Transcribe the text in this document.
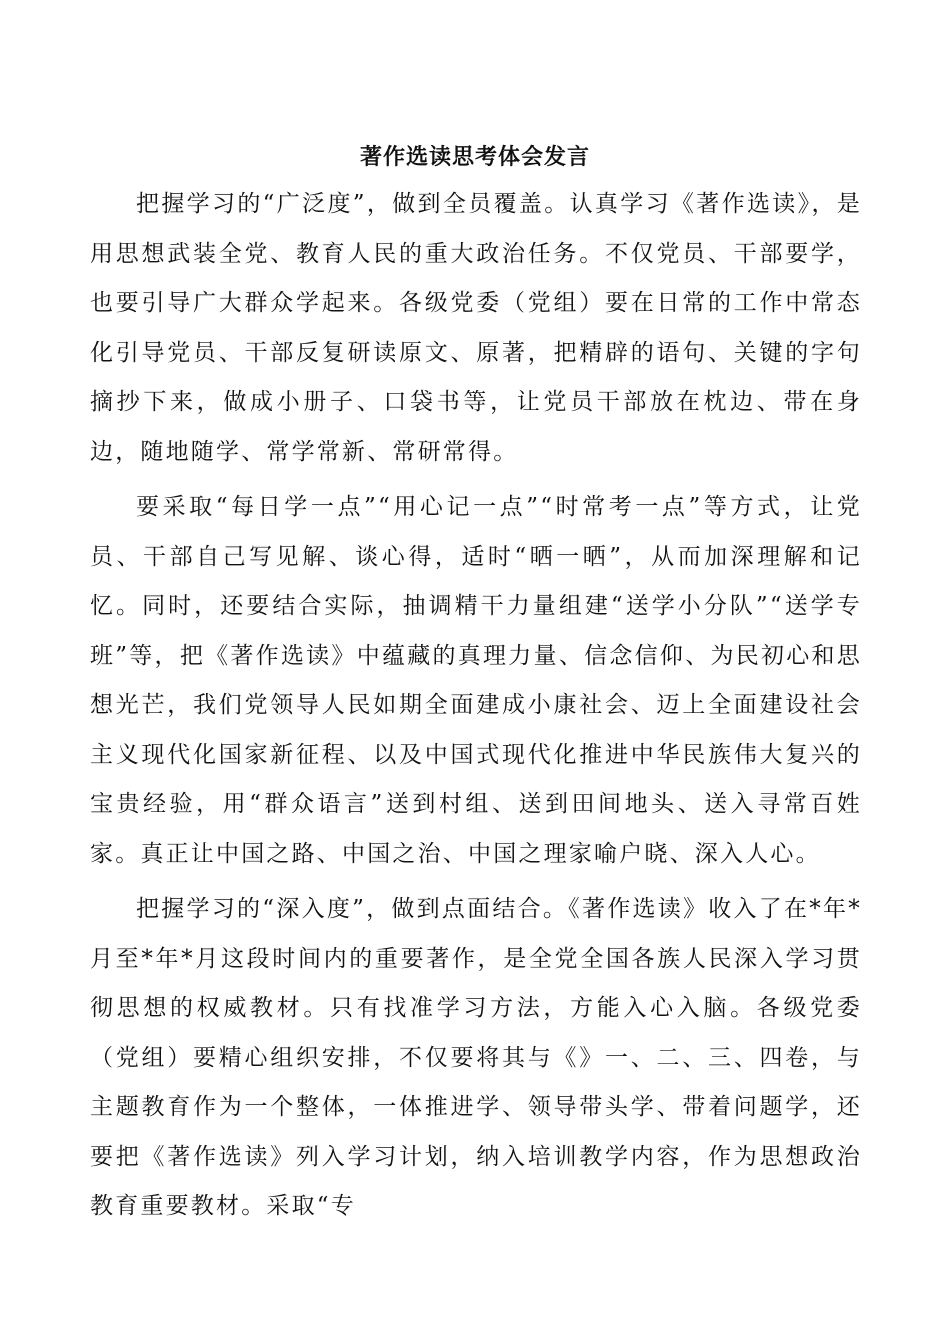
著作选读思考体会发言

把握学习的“广泛度”，做到全员覆盖。认真学习《著作选读》，是用思想武装全党、教育人民的重大政治任务。不仅党员、干部要学，也要引导广大群众学起来。各级党委（党组）要在日常的工作中常态化引导党员、干部反复研读原文、原著，把精辟的语句、关键的字句摘抄下来，做成小册子、口袋书等，让党员干部放在枕边、带在身边，随地随学、常学常新、常研常得。

要采取“每日学一点”“用心记一点”“时常考一点”等方式，让党员、干部自己写见解、谈心得，适时“晒一晒”，从而加深理解和记忆。同时，还要结合实际，抽调精干力量组建“送学小分队”“送学专班”等，把《著作选读》中蕴藏的真理力量、信念信仰、为民初心和思想光芒，我们党领导人民如期全面建成小康社会、迈上全面建设社会主义现代化国家新征程、以及中国式现代化推进中华民族伟大复兴的宝贵经验，用“群众语言”送到村组、送到田间地头、送入寻常百姓家。真正让中国之路、中国之治、中国之理家喻户晓、深入人心。

把握学习的“深入度”，做到点面结合。《著作选读》收入了在*年*月至*年*月这段时间内的重要著作，是全党全国各族人民深入学习贯彻思想的权威教材。只有找准学习方法，方能入心入脑。各级党委（党组）要精心组织安排，不仅要将其与《》一、二、三、四卷，与主题教育作为一个整体，一体推进学、领导带头学、带着问题学，还要把《著作选读》列入学习计划，纳入培训教学内容，作为思想政治教育重要教材。采取“专
